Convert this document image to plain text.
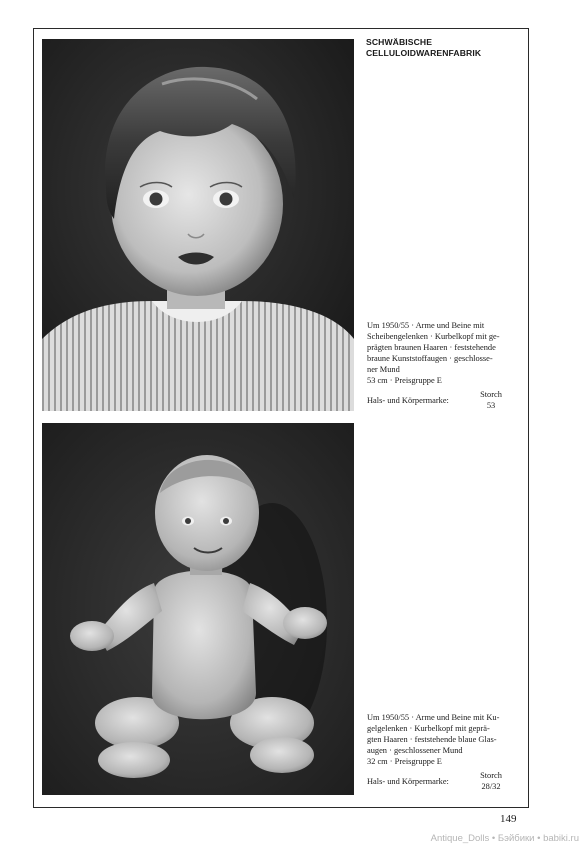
SCHWÄBISCHE
CELLULOIDWARENFABRIK

Um 1950/55 · Arme und Beine mit

Scheibengelenken · Kurbelkopf mit ge-

prägten braunen Haaren · feststehende

braune Kunststoffaugen · geschlosse-

ner Mund

53 cm · Preisgruppe E

Hals- und Körpermarke:
Storch
53

Um 1950/55 · Arme und Beine mit Ku-

gelgelenken · Kurbelkopf mit geprä-

gten Haaren · feststehende blaue Glas-

augen · geschlossener Mund

32 cm · Preisgruppe E

Hals- und Körpermarke:
Storch
28/32
149
Antique_Dolls • Бэйбики • babiki.ru
